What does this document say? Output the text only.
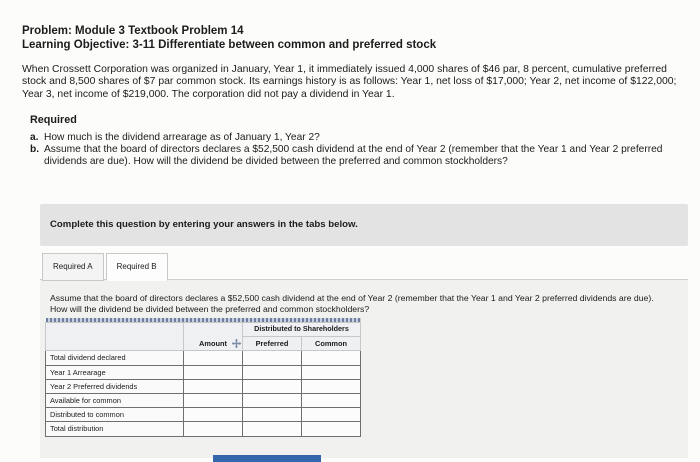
Problem: Module 3 Textbook Problem 14
Learning Objective: 3-11 Differentiate between common and preferred stock
When Crossett Corporation was organized in January, Year 1, it immediately issued 4,000 shares of $46 par, 8 percent, cumulative preferred stock and 8,500 shares of $7 par common stock. Its earnings history is as follows: Year 1, net loss of $17,000; Year 2, net income of $122,000; Year 3, net income of $219,000. The corporation did not pay a dividend in Year 1.
Required
a. How much is the dividend arrearage as of January 1, Year 2?
b. Assume that the board of directors declares a $52,500 cash dividend at the end of Year 2 (remember that the Year 1 and Year 2 preferred dividends are due). How will the dividend be divided between the preferred and common stockholders?
Complete this question by entering your answers in the tabs below.
Required A	Required B
Assume that the board of directors declares a $52,500 cash dividend at the end of Year 2 (remember that the Year 1 and Year 2 preferred dividends are due). How will the dividend be divided between the preferred and common stockholders?

	Amount	Distributed to Shareholders	
		Preferred	Common
Total dividend declared			
Year 1 Arrearage			
Year 2 Preferred dividends			
Available for common			
Distributed to common			
Total distribution			
